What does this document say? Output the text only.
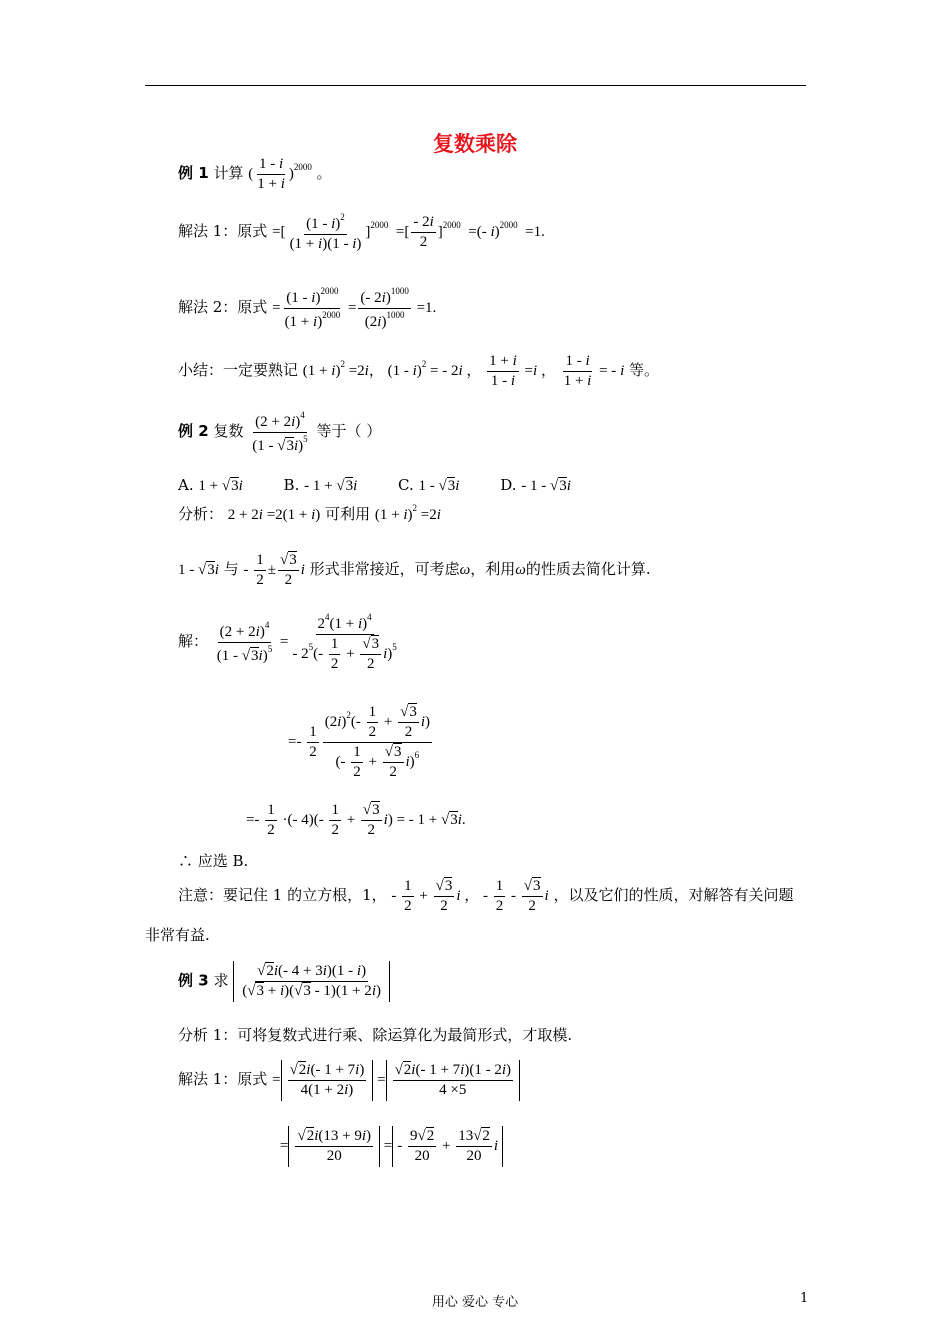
复数乘除
例 1 计算 ( $\frac{1 - i}{1 + i} )^{2000}$ 。
解法 1：原式 =[ $\frac{(1 - i)^2}{(1 + i)(1 - i)} ]^{2000}$  =[ $\frac{- 2i}{2} ]^{2000}$  =(- i)$^{2000}$  =1.
解法 2：原式 = $\frac{(1 - i)^{2000}}{(1 + i)^{2000}} = \frac{(- 2i)^{1000}}{(2i)^{1000}} =1$.
小结：一定要熟记 $(1 + i)^2 =2i$， (1 - i)$^2$ = - 2i ， $\frac{1 + i}{1 - i} =i$ ， $\frac{1 - i}{1 + i}$ = - i 等。
例 2 复数 $\frac{(2 + 2i)^4}{(1 - √3i)^5}$ 等于（ ）
A. 1 + √3i	B. - 1 + √3i	C. 1 - √3i	D. - 1 - √3i
分析： 2 + 2i =2(1 + i) 可利用 $(1 + i)^2 =2i$
1 - √3i 与 - $\frac{1}{2} \pm \frac{√3}{2}$ i 形式非常接近，可考虑ω，利用ω的性质去简化计算.
解： $\frac{(2 + 2i)^4}{(1 - √3i)^5} = \frac{2^4(1 + i)^4}{- 2^5(- \frac{1}{2} + \frac{√3}{2} i)^5}$
=- $\frac{1}{2} \frac{(2i)^2(- \frac{1}{2} + \frac{√3}{2} i)}{(- \frac{1}{2} + \frac{√3}{2} i)^6}$
=- $\frac{1}{2}$ ·(- $4)(- \frac{1}{2} + \frac{√3}{2} i)$ = - 1 + √3i.
∴ 应选 B.
注意：要记住 1 的立方根，1， - $\frac{1}{2} + \frac{√3}{2}$ i ， - $\frac{1}{2} - \frac{√3}{2}$ i ，以及它们的性质，对解答有关问题
非常有益.
例 3 求 $\frac{√2i(- 4 + 3i)(1 - i)}{(√3 + i)(√3 - 1)(1 + 2i)}$
分析 1：可将复数式进行乘、除运算化为最简形式，才取模.
解法 1：原式 = $\frac{√2i(- 1 + 7i)}{4(1 + 2i)} = \frac{√2i(- 1 + 7i)(1 - 2i)}{4 \times 5}$
= $\frac{√2i(13 + 9i)}{20}$ = - $\frac{9√2}{20} + \frac{13√2}{20}$ i
用心 爱心 专心	1
